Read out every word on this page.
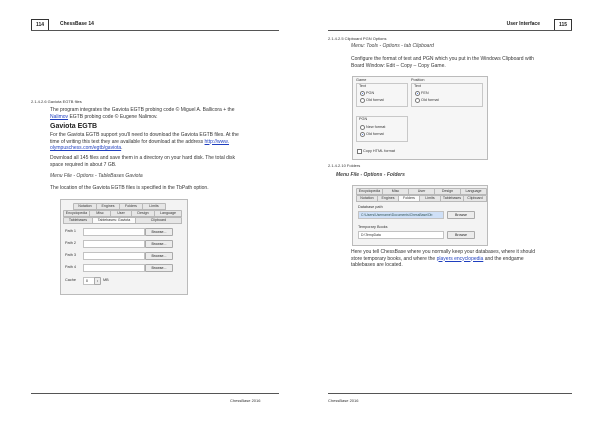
114	ChessBase 14
2.1.4.2.6 Gaviota EGTB files
The program integrates the Gaviota EGTB probing code © Miguel A. Ballicora + the
Nalimov EGTB probing code © Eugene Nalimov.
Gaviota EGTB
For the Gaviota EGTB support you'll need to download the Gaviota EGTB files. At the
time of writing this text they are available for download at the address http://www.
olympuschess.com/egtb/gaviota.
Download all 145 files and save them in a directory on your hard disk. The total disk
space required in about 7 GB.
Menu File - Options - TableBases Gaviota
The location of the Gaviota EGTB files is specified in the TbPath option.
Notation	Engines	Folders	Limits
Encyclopedia	Misc	User	Design	Language
Tablebases	Tablebases: Gaviota	Clipboard
Path 1	Browse...
Path 2	Browse...
Path 3	Browse...
Path 4	Browse...
Cache	8	↕	MB
ChessBase 2016
User Interface	115
2.1.4.2.5 Clipboard PGN Options
Menu: Tools - Options - tab Clipboard
Configure the format of text and PGN which you put in the Windows Clipboard with
Board Window: Edit – Copy – Copy Game.
Game
Text
PGN
Old format
Position
Text
FEN
Old format
PGN
New format
Old format
Copy HTML format
2.1.4.2.10 Folders
Menu File - Options - Folders
Encyclopedia	Misc	User	Design	Language
Notation	Engines	Folders	Limits	Tablebases	Clipboard
Database path
C:\Users\Username\Documents\ChessBase\Db	Browse
Temporary Books
D:\TempData	Browse
Here you tell ChessBase where you normally keep your databases, where it should
store temporary books, and where the players encyclopedia and the endgame
tablebases are located.
ChessBase 2016
